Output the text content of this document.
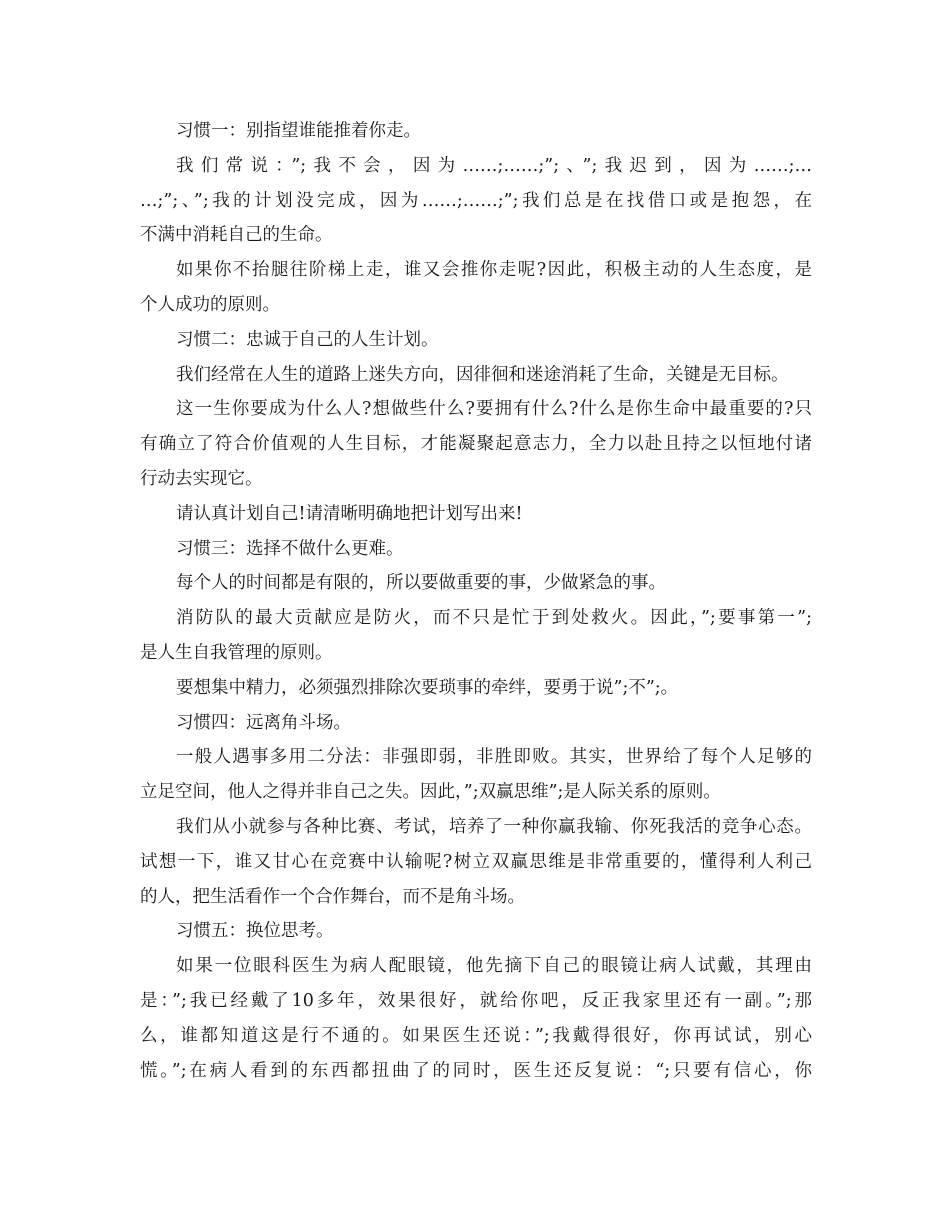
习惯一：别指望谁能推着你走。
我们常说：”;我不会，因为……;……;”;、”;我迟到，因为……;…
…;”;、”;我的计划没完成，因为……;……;”;我们总是在找借口或是抱怨，在
不满中消耗自己的生命。
如果你不抬腿往阶梯上走，谁又会推你走呢?因此，积极主动的人生态度，是
个人成功的原则。
习惯二：忠诚于自己的人生计划。
我们经常在人生的道路上迷失方向，因徘徊和迷途消耗了生命，关键是无目标。
这一生你要成为什么人?想做些什么?要拥有什么?什么是你生命中最重要的?只
有确立了符合价值观的人生目标，才能凝聚起意志力，全力以赴且持之以恒地付诸
行动去实现它。
请认真计划自己!请清晰明确地把计划写出来!
习惯三：选择不做什么更难。
每个人的时间都是有限的，所以要做重要的事，少做紧急的事。
消防队的最大贡献应是防火，而不只是忙于到处救火。因此，”;要事第一”;
是人生自我管理的原则。
要想集中精力，必须强烈排除次要琐事的牵绊，要勇于说”;不”;。
习惯四：远离角斗场。
一般人遇事多用二分法：非强即弱，非胜即败。其实，世界给了每个人足够的
立足空间，他人之得并非自己之失。因此，”;双赢思维”;是人际关系的原则。
我们从小就参与各种比赛、考试，培养了一种你赢我输、你死我活的竞争心态。
试想一下，谁又甘心在竞赛中认输呢?树立双赢思维是非常重要的，懂得利人利己
的人，把生活看作一个合作舞台，而不是角斗场。
习惯五：换位思考。
如果一位眼科医生为病人配眼镜，他先摘下自己的眼镜让病人试戴，其理由
是：”;我已经戴了10多年，效果很好，就给你吧，反正我家里还有一副。”;那
么，谁都知道这是行不通的。如果医生还说：”;我戴得很好，你再试试，别心
慌。”;在病人看到的东西都扭曲了的同时，医生还反复说：“;只要有信心，你
